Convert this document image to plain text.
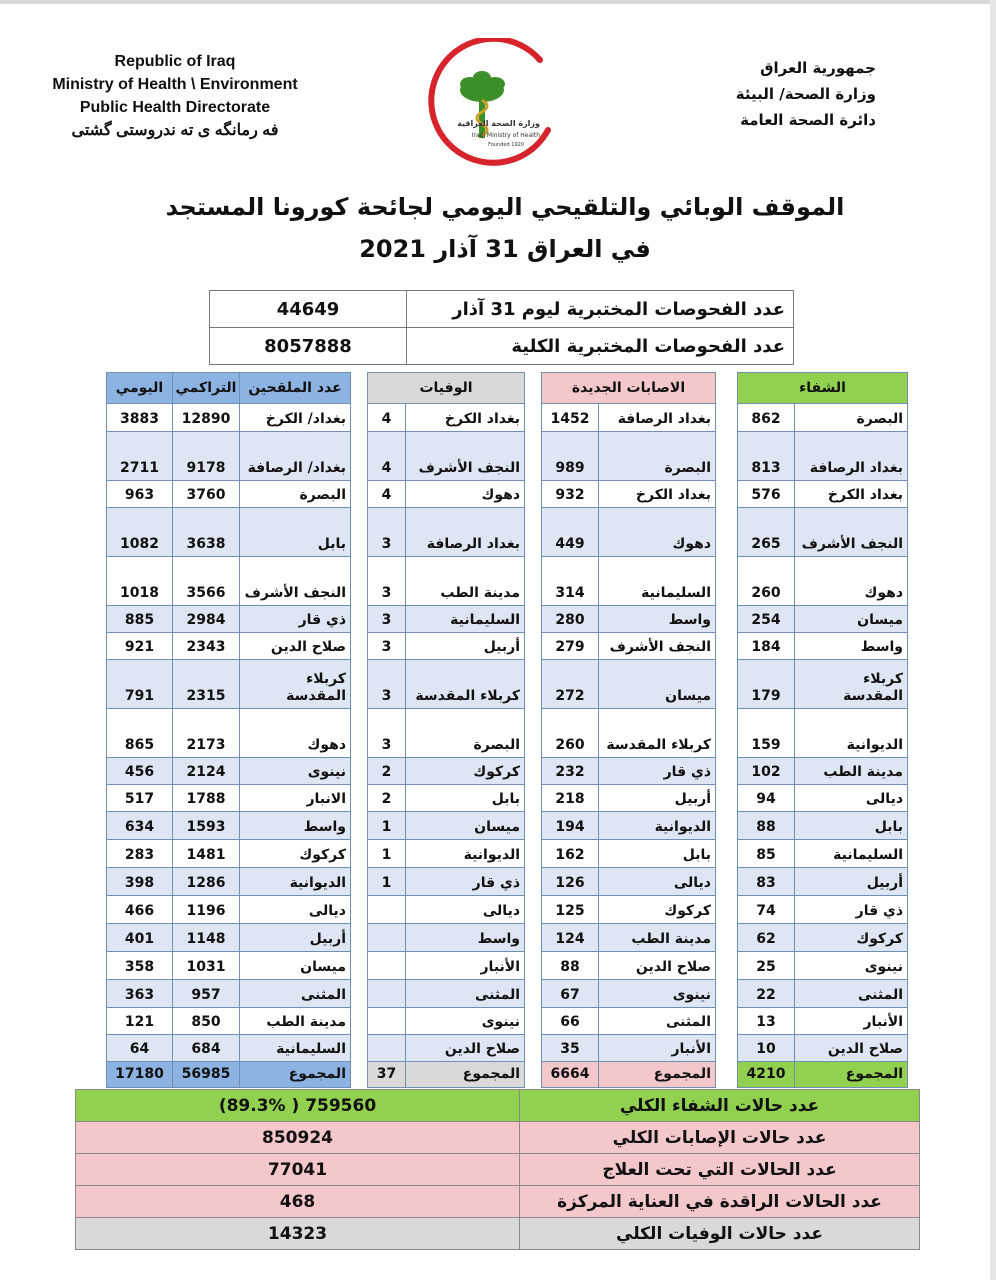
Republic of Iraq
Ministry of Health \ Environment
Public Health Directorate
فه رمانگه ی ته ندروستی گشتی	وزارة الصحة العراقية
Iraqi Ministry of Health
Founded 1920
جمهورية العراق
وزارة الصحة/ البيئة
دائرة الصحة العامة
الموقف الوبائي والتلقيحي اليومي لجائحة كورونا المستجد
في العراق 31 آذار 2021
44649	عدد الفحوصات المختبرية ليوم 31 آذار
8057888	عدد الفحوصات المختبرية الكلية
الشفاء	
البصرة	862
بغداد الرصافة	813
بغداد الكرخ	576
النجف الأشرف	265
دهوك	260
ميسان	254
واسط	184
كربلاء المقدسة	179
الديوانية	159
مدينة الطب	102
ديالى	94
بابل	88
السليمانية	85
أربيل	83
ذي قار	74
كركوك	62
نينوى	25
المثنى	22
الأنبار	13
صلاح الدين	10
المجموع	4210
الاصابات الجديدة	
بغداد الرصافة	1452
البصرة	989
بغداد الكرخ	932
دهوك	449
السليمانية	314
واسط	280
النجف الأشرف	279
ميسان	272
كربلاء المقدسة	260
ذي قار	232
أربيل	218
الديوانية	194
بابل	162
ديالى	126
كركوك	125
مدينة الطب	124
صلاح الدين	88
نينوى	67
المثنى	66
الأنبار	35
المجموع	6664
الوفيات	
بغداد الكرخ	4
النجف الأشرف	4
دهوك	4
بغداد الرصافة	3
مدينة الطب	3
السليمانية	3
أربيل	3
كربلاء المقدسة	3
البصرة	3
كركوك	2
بابل	2
ميسان	1
الديوانية	1
ذي قار	1
ديالى	
واسط	
الأنبار	
المثنى	
نينوى	
صلاح الدين	
المجموع	37
عدد الملقحين	التراكمي	اليومي
بغداد/ الكرخ	12890	3883
بغداد/ الرصافة	9178	2711
البصرة	3760	963
بابل	3638	1082
النجف الأشرف	3566	1018
ذي قار	2984	885
صلاح الدين	2343	921
كربلاء المقدسة	2315	791
دهوك	2173	865
نينوى	2124	456
الانبار	1788	517
واسط	1593	634
كركوك	1481	283
الديوانية	1286	398
ديالى	1196	466
أربيل	1148	401
ميسان	1031	358
المثنى	957	363
مدينة الطب	850	121
السليمانية	684	64
المجموع	56985	17180
عدد حالات الشفاء الكلي	759560 ( 89.3%)
عدد حالات الإصابات الكلي	850924
عدد الحالات التي تحت العلاج	77041
عدد الحالات الراقدة في العناية المركزة	468
عدد حالات الوفيات الكلي	14323
